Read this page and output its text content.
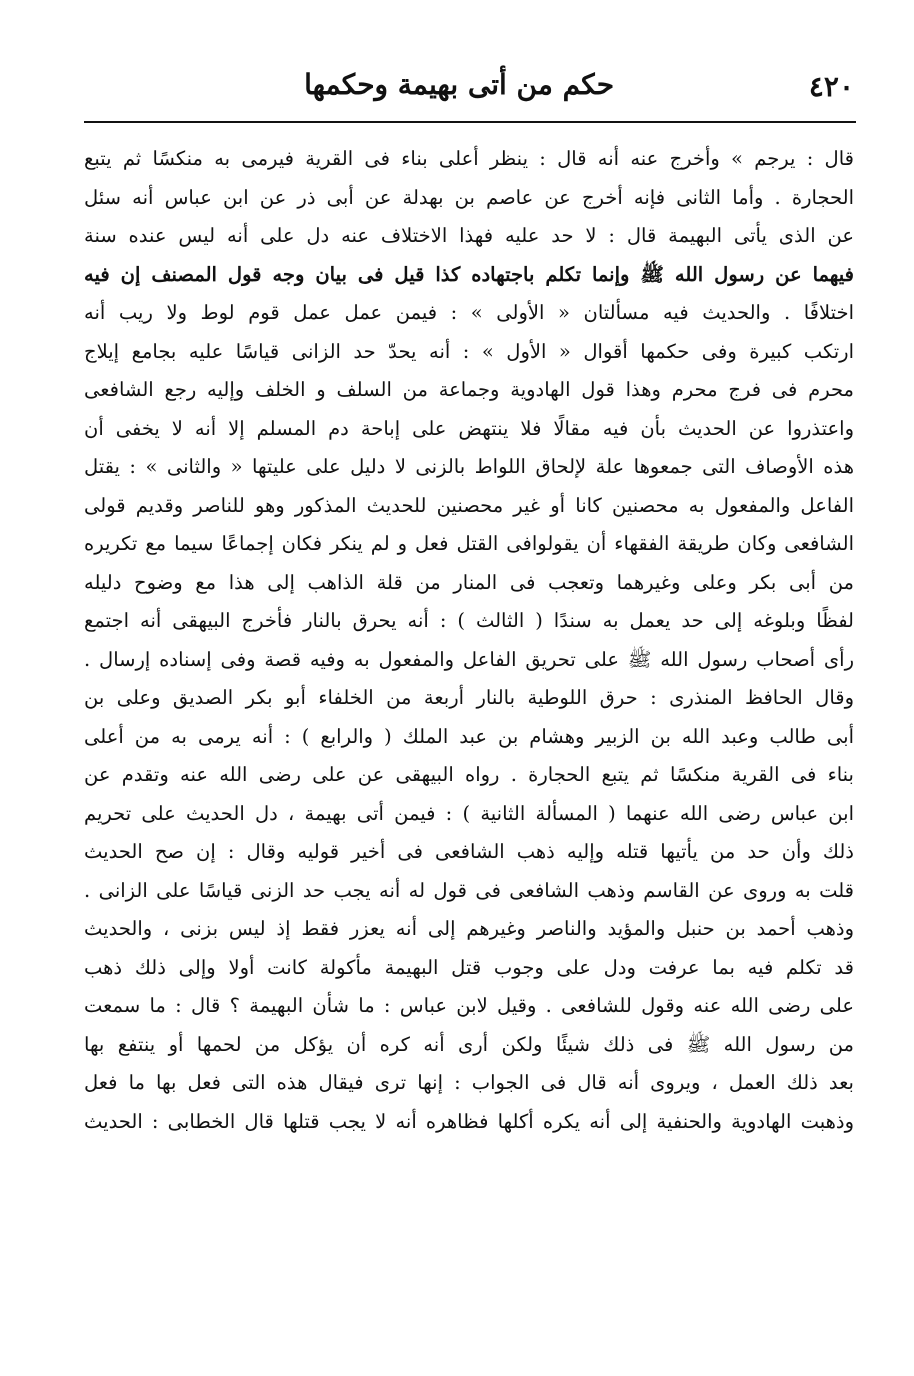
٤٢٠
حكم من أتى بهيمة وحكمها
قال : يرجم » وأخرج عنه أنه قال : ينظر أعلى بناء فى القرية فيرمى به منكسًا ثم يتبع
الحجارة . وأما الثانى فإنه أخرج عن عاصم بن بهدلة عن أبى ذر عن ابن عباس أنه سئل
عن الذى يأتى البهيمة قال : لا حد عليه فهذا الاختلاف عنه دل على أنه ليس عنده سنة
فيهما عن رسول الله ﷺ وإنما تكلم باجتهاده كذا قيل فى بيان وجه قول المصنف إن فيه
اختلافًا . والحديث فيه مسألتان « الأولى » : فيمن عمل عمل قوم لوط ولا ريب أنه
ارتكب كبيرة وفى حكمها أقوال « الأول » : أنه يحدّ حد الزانى قياسًا عليه بجامع إيلاج
محرم فى فرج محرم وهذا قول الهادوية وجماعة من السلف و الخلف وإليه رجع الشافعى
واعتذروا عن الحديث بأن فيه مقالًا فلا ينتهض على إباحة دم المسلم إلا أنه لا يخفى أن
هذه الأوصاف التى جمعوها علة لإلحاق اللواط بالزنى لا دليل على عليتها « والثانى » : يقتل
الفاعل والمفعول به محصنين كانا أو غير محصنين للحديث المذكور وهو للناصر وقديم قولى
الشافعى وكان طريقة الفقهاء أن يقولوافى القتل فعل و لم ينكر فكان إجماعًا سيما مع تكريره
من أبى بكر وعلى وغيرهما وتعجب فى المنار من قلة الذاهب إلى هذا مع وضوح دليله
لفظًا وبلوغه إلى حد يعمل به سندًا ( الثالث ) : أنه يحرق بالنار فأخرج البيهقى أنه اجتمع
رأى أصحاب رسول الله ﷺ على تحريق الفاعل والمفعول به وفيه قصة وفى إسناده إرسال .
وقال الحافظ المنذرى : حرق اللوطية بالنار أربعة من الخلفاء أبو بكر الصديق وعلى بن
أبى طالب وعبد الله بن الزبير وهشام بن عبد الملك ( والرابع ) : أنه يرمى به من أعلى
بناء فى القرية منكسًا ثم يتبع الحجارة . رواه البيهقى عن على رضى الله عنه وتقدم عن
ابن عباس رضى الله عنهما ( المسألة الثانية ) : فيمن أتى بهيمة ، دل الحديث على تحريم
ذلك وأن حد من يأتيها قتله وإليه ذهب الشافعى فى أخير قوليه وقال : إن صح الحديث
قلت به وروى عن القاسم وذهب الشافعى فى قول له أنه يجب حد الزنى قياسًا على الزانى .
وذهب أحمد بن حنبل والمؤيد والناصر وغيرهم إلى أنه يعزر فقط إذ ليس بزنى ، والحديث
قد تكلم فيه بما عرفت ودل على وجوب قتل البهيمة مأكولة كانت أولا وإلى ذلك ذهب
على رضى الله عنه وقول للشافعى . وقيل لابن عباس : ما شأن البهيمة ؟ قال : ما سمعت
من رسول الله ﷺ فى ذلك شيئًا ولكن أرى أنه كره أن يؤكل من لحمها أو ينتفع بها
بعد ذلك العمل ، ويروى أنه قال فى الجواب : إنها ترى فيقال هذه التى فعل بها ما فعل
وذهبت الهادوية والحنفية إلى أنه يكره أكلها فظاهره أنه لا يجب قتلها قال الخطابى : الحديث
